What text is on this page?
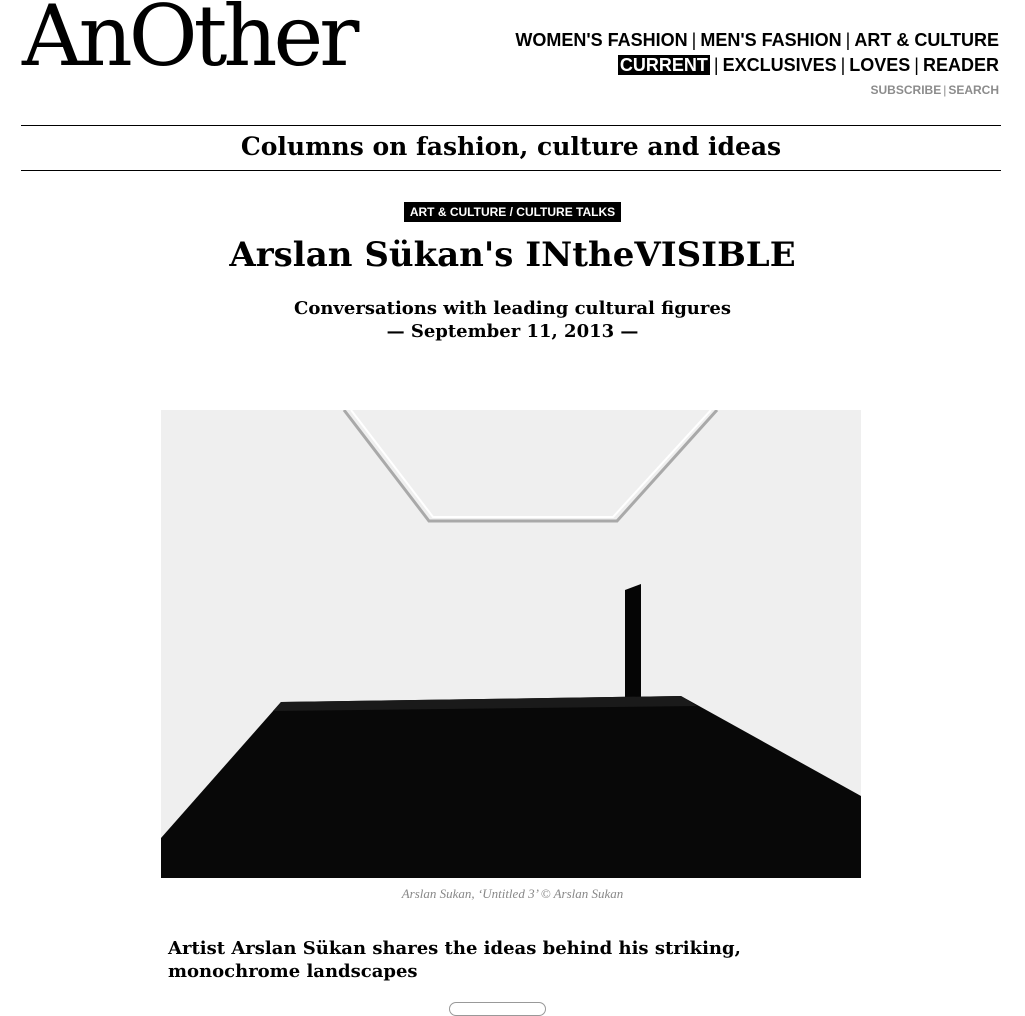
AnOther	WOMEN'S FASHION | MEN'S FASHION | ART & CULTURE
CURRENT | EXCLUSIVES | LOVES | READER
SUBSCRIBE | SEARCH
Columns on fashion, culture and ideas
ART & CULTURE / CULTURE TALKS
Arslan Sükan's INtheVISIBLE
Conversations with leading cultural figures
— September 11, 2013 —
Arslan Sukan, ‘Untitled 3’ © Arslan Sukan
Artist Arslan Sükan shares the ideas behind his striking, monochrome landscapes
